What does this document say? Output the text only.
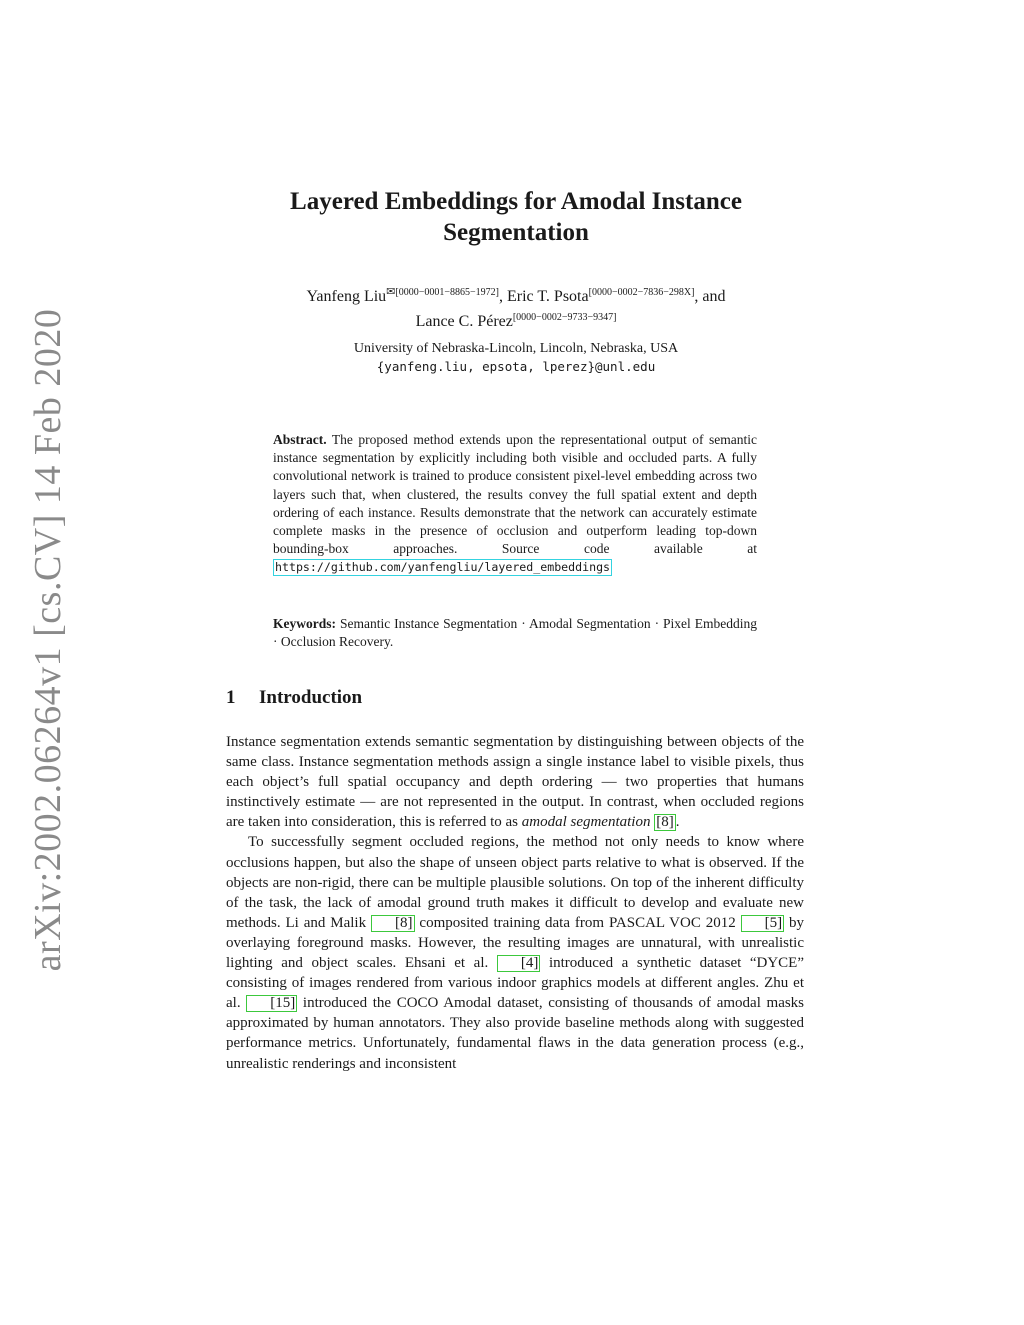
arXiv:2002.06264v1 [cs.CV] 14 Feb 2020
Layered Embeddings for Amodal Instance
Segmentation
Yanfeng Liu$^{✉[0000-0001-8865-1972]}$, Eric T. Psota[0000−0002−7836−298X], and
Lance C. Pérez[0000−0002−9733−9347]
University of Nebraska-Lincoln, Lincoln, Nebraska, USA
{yanfeng.liu, epsota, lperez}@unl.edu
Abstract. The proposed method extends upon the representational output of semantic instance segmentation by explicitly including both visible and occluded parts. A fully convolutional network is trained to produce consistent pixel-level embedding across two layers such that, when clustered, the results convey the full spatial extent and depth ordering of each instance. Results demonstrate that the network can accurately estimate complete masks in the presence of occlusion and outperform leading top-down bounding-box approaches. Source code available at https://github.com/yanfengliu/layered_embeddings
Keywords: Semantic Instance Segmentation · Amodal Segmentation · Pixel Embedding · Occlusion Recovery.
1 Introduction

Instance segmentation extends semantic segmentation by distinguishing between objects of the same class. Instance segmentation methods assign a single instance label to visible pixels, thus each object’s full spatial occupancy and depth ordering — two properties that humans instinctively estimate — are not represented in the output. In contrast, when occluded regions are taken into consideration, this is referred to as amodal segmentation [8] .

To successfully segment occluded regions, the method not only needs to know where occlusions happen, but also the shape of unseen object parts relative to what is observed. If the objects are non-rigid, there can be multiple plausible solutions. On top of the inherent difficulty of the task, the lack of amodal ground truth makes it difficult to develop and evaluate new methods. Li and Malik [8] composited training data from PASCAL VOC 2012 [5] by overlaying foreground masks. However, the resulting images are unnatural, with unrealistic lighting and object scales. Ehsani et al. [4] introduced a synthetic dataset “DYCE” consisting of images rendered from various indoor graphics models at different angles. Zhu et al. [15] introduced the COCO Amodal dataset, consisting of thousands of amodal masks approximated by human annotators. They also provide baseline methods along with suggested performance metrics. Unfortunately, fundamental flaws in the data generation process (e.g., unrealistic renderings and inconsistent
